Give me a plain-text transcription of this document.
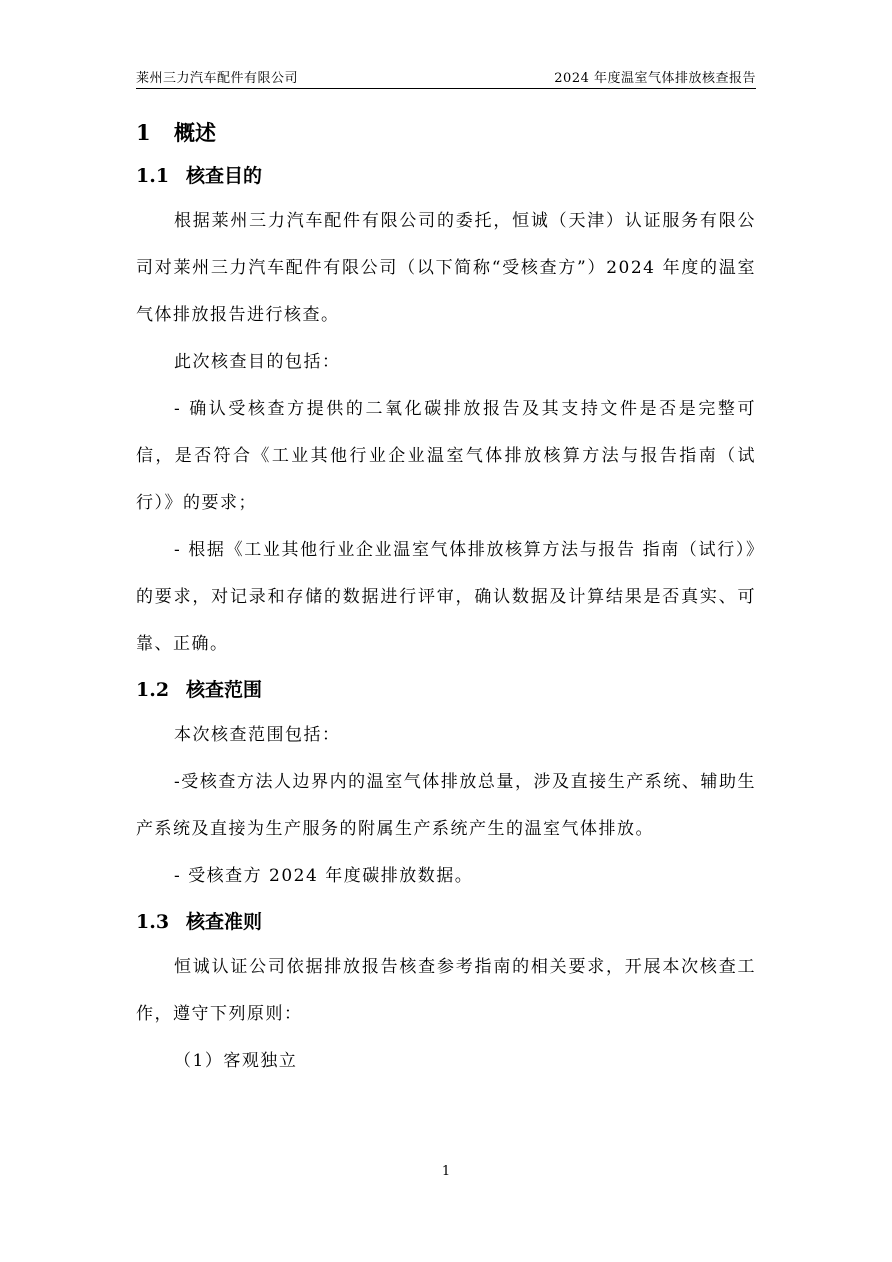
莱州三力汽车配件有限公司	2024 年度温室气体排放核查报告
1 概述
1.1 核查目的

根据莱州三力汽车配件有限公司的委托，恒诚（天津）认证服务有限公司对莱州三力汽车配件有限公司（以下简称“受核查方”）2024 年度的温室气体排放报告进行核查。

此次核查目的包括：

- 确认受核查方提供的二氧化碳排放报告及其支持文件是否是完整可信，是否符合《工业其他行业企业温室气体排放核算方法与报告指南（试行）》的要求；

- 根据《工业其他行业企业温室气体排放核算方法与报告 指南（试行）》的要求，对记录和存储的数据进行评审，确认数据及计算结果是否真实、可靠、正确。

1.2 核查范围

本次核查范围包括：

-受核查方法人边界内的温室气体排放总量，涉及直接生产系统、辅助生产系统及直接为生产服务的附属生产系统产生的温室气体排放。

- 受核查方 2024 年度碳排放数据。

1.3 核查准则

恒诚认证公司依据排放报告核查参考指南的相关要求，开展本次核查工作，遵守下列原则：

（1）客观独立

1
